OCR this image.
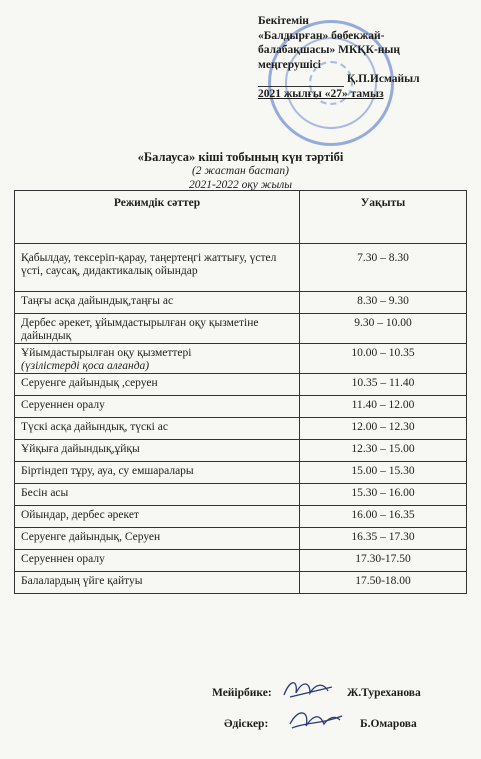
Бекітемін
«Балдырған» бөбекжай-
балабақшасы» МКҚК-ның
меңгерушісі
Қ.П.Исмайыл
2021 жылғы «27» тамыз
«Балауса» кіші тобының күн тәртібі
(2 жастан бастап)
2021-2022 оқу жылы
Режимдік сәттер	Уақыты

Қабылдау, тексеріп-қарау, таңертеңгі жаттығу, үстел үсті, саусақ, дидактикалық ойындар	7.30 – 8.30

Таңғы асқа дайындық,таңғы ас	8.30 – 9.30

Дербес әрекет, ұйымдастырылған оқу қызметіне дайындық	9.30 – 10.00

Ұйымдастырылған оқу қызметтері
(үзілістерді қоса алғанда)	10.00 – 10.35

Серуенге дайындық ,серуен	10.35 – 11.40

Серуеннен оралу	11.40 – 12.00

Түскі асқа дайындық, түскі ас	12.00 – 12.30

Ұйқыға дайындық,ұйқы	12.30 – 15.00

Біртіндеп тұру, ауа, су емшаралары	15.00 – 15.30

Бесін асы	15.30 – 16.00

Ойындар, дербес әрекет	16.00 – 16.35

Серуенге дайындық, Серуен	16.35 – 17.30

Серуеннен оралу	17.30-17.50

Балалардың үйге қайтуы	17.50-18.00
Мейірбике:	Ж.Туреханова
Әдіскер:	Б.Омарова
